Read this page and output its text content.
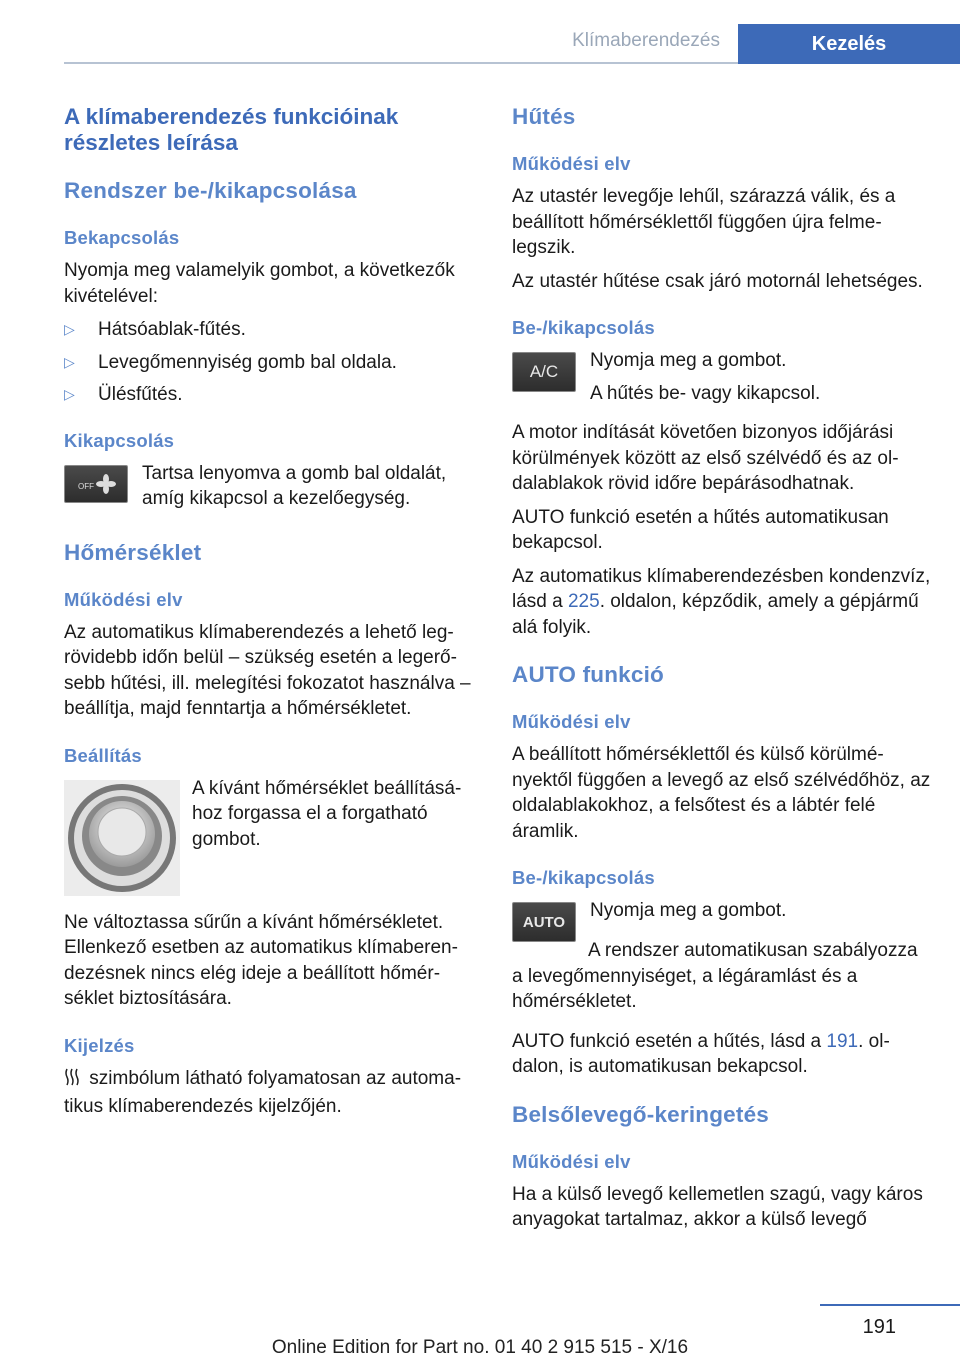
Klímaberendezés	Kezelés
A klímaberendezés funkcióinak részletes leírása
Rendszer be-/kikapcsolása
Bekapcsolás

Nyomja meg valamelyik gombot, a következők kivételével:

▷ Hátsóablak-fűtés.
▷ Levegőmennyiség gomb bal oldala.
▷ Ülésfűtés.
Kikapcsolás
OFF

Tartsa lenyomva a gomb bal oldalát, amíg kikapcsol a kezelőegység.

Hőmérséklet
Működési elv

Az automatikus klímaberendezés a lehető legrövidebb időn belül – szükség esetén a legerősebb hűtési, ill. melegítési fokozatot használva – beállítja, majd fenntartja a hőmérsékletet.

Beállítás

A kívánt hőmérséklet beállításához forgassa el a forgatható gombot.

Ne változtassa sűrűn a kívánt hőmérsékletet. Ellenkező esetben az automatikus klímaberendezésnek nincs elég ideje a beállított hőmérséklet biztosítására.

Kijelzés

szimbólum látható folyamatosan az automatikus klímaberendezés kijelzőjén.

Hűtés
Működési elv

Az utastér levegője lehűl, szárazzá válik, és a beállított hőmérséklettől függően újra felmelegszik.

Az utastér hűtése csak járó motornál lehetséges.

Be-/kikapcsolás
A/C

Nyomja meg a gombot.

A hűtés be- vagy kikapcsol.

A motor indítását követően bizonyos időjárási körülmények között az első szélvédő és az oldalablakok rövid időre bepárásodhatnak.

AUTO funkció esetén a hűtés automatikusan bekapcsol.

Az automatikus klímaberendezésben kondenzvíz, lásd a 225. oldalon, képződik, amely a gépjármű alá folyik.

AUTO funkció
Működési elv

A beállított hőmérséklettől és külső körülményektől függően a levegő az első szélvédőhöz, az oldalablakokhoz, a felsőtest és a lábtér felé áramlik.

Be-/kikapcsolás
AUTO

Nyomja meg a gombot.

A rendszer automatikusan szabályozza a levegőmennyiséget, a légáramlást és a hőmérsékletet.

AUTO funkció esetén a hűtés, lásd a 191. oldalon, is automatikusan bekapcsol.

Belsőlevegő-keringetés
Működési elv

Ha a külső levegő kellemetlen szagú, vagy káros anyagokat tartalmaz, akkor a külső levegő

191
Online Edition for Part no. 01 40 2 915 515 - X/16
